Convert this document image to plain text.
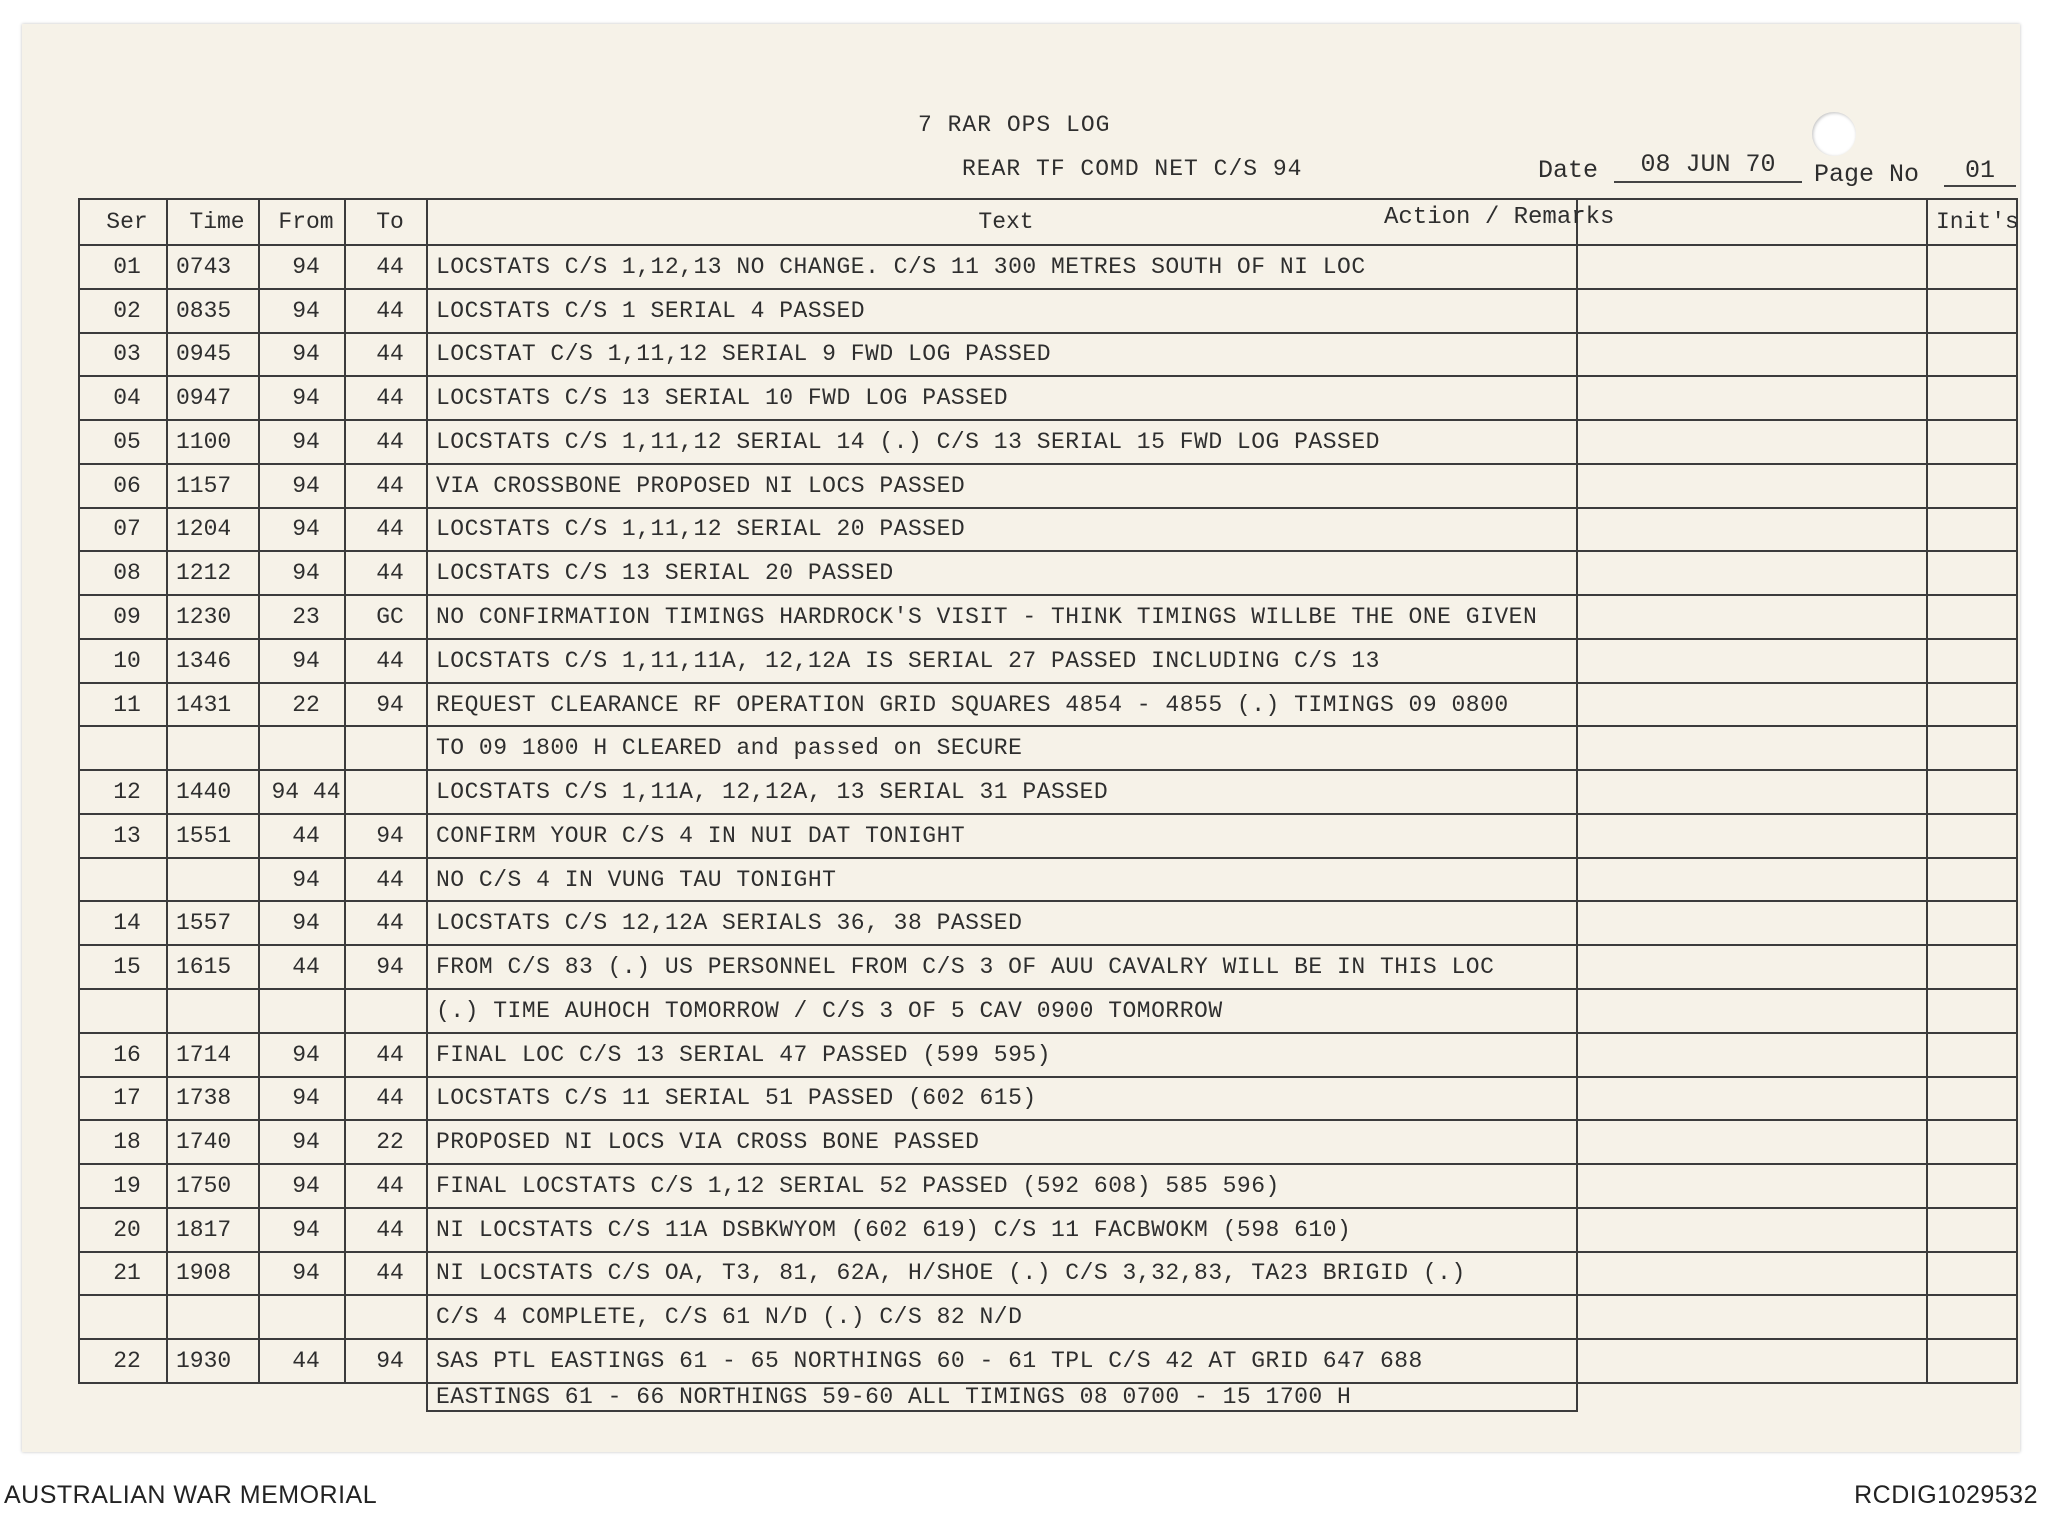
7 RAR OPS LOG
REAR TF COMD NET C/S 94	Date	08 JUN 70	Page No	01
Ser	Time	From	To	Text Action / Remarks		Init's
01	0743	94	44	LOCSTATS C/S 1,12,13 NO CHANGE. C/S 11 300 METRES SOUTH OF NI LOC		
02	0835	94	44	LOCSTATS C/S 1 SERIAL 4 PASSED		
03	0945	94	44	LOCSTAT C/S 1,11,12 SERIAL 9 FWD LOG PASSED		
04	0947	94	44	LOCSTATS C/S 13 SERIAL 10 FWD LOG PASSED		
05	1100	94	44	LOCSTATS C/S 1,11,12 SERIAL 14 (.) C/S 13 SERIAL 15 FWD LOG PASSED		
06	1157	94	44	VIA CROSSBONE PROPOSED NI LOCS PASSED		
07	1204	94	44	LOCSTATS C/S 1,11,12 SERIAL 20 PASSED		
08	1212	94	44	LOCSTATS C/S 13 SERIAL 20 PASSED		
09	1230	23	GC	NO CONFIRMATION TIMINGS HARDROCK'S VISIT - THINK TIMINGS WILLBE THE ONE GIVEN		
10	1346	94	44	LOCSTATS C/S 1,11,11A, 12,12A IS SERIAL 27 PASSED INCLUDING C/S 13		
11	1431	22	94	REQUEST CLEARANCE RF OPERATION GRID SQUARES 4854 - 4855 (.) TIMINGS 09 0800		
				TO 09 1800 H CLEARED and passed on SECURE		
12	1440	94 44		LOCSTATS C/S 1,11A, 12,12A, 13 SERIAL 31 PASSED		
13	1551	44	94	CONFIRM YOUR C/S 4 IN NUI DAT TONIGHT		
		94	44	NO C/S 4 IN VUNG TAU TONIGHT		
14	1557	94	44	LOCSTATS C/S 12,12A SERIALS 36, 38 PASSED		
15	1615	44	94	FROM C/S 83 (.) US PERSONNEL FROM C/S 3 OF AUU CAVALRY WILL BE IN THIS LOC		
				(.) TIME AUHOCH TOMORROW / C/S 3 OF 5 CAV 0900 TOMORROW		
16	1714	94	44	FINAL LOC C/S 13 SERIAL 47 PASSED (599 595)		
17	1738	94	44	LOCSTATS C/S 11 SERIAL 51 PASSED (602 615)		
18	1740	94	22	PROPOSED NI LOCS VIA CROSS BONE PASSED		
19	1750	94	44	FINAL LOCSTATS C/S 1,12 SERIAL 52 PASSED (592 608) 585 596)		
20	1817	94	44	NI LOCSTATS C/S 11A DSBKWYOM (602 619) C/S 11 FACBWOKM (598 610)		
21	1908	94	44	NI LOCSTATS C/S OA, T3, 81, 62A, H/SHOE (.) C/S 3,32,83, TA23 BRIGID (.)		
				C/S 4 COMPLETE, C/S 61 N/D (.) C/S 82 N/D		
22	1930	44	94	SAS PTL EASTINGS 61 - 65 NORTHINGS 60 - 61 TPL C/S 42 AT GRID 647 688		
				EASTINGS 61 - 66 NORTHINGS 59-60 ALL TIMINGS 08 0700 - 15 1700 H		
AUSTRALIAN WAR MEMORIAL	RCDIG1029532
